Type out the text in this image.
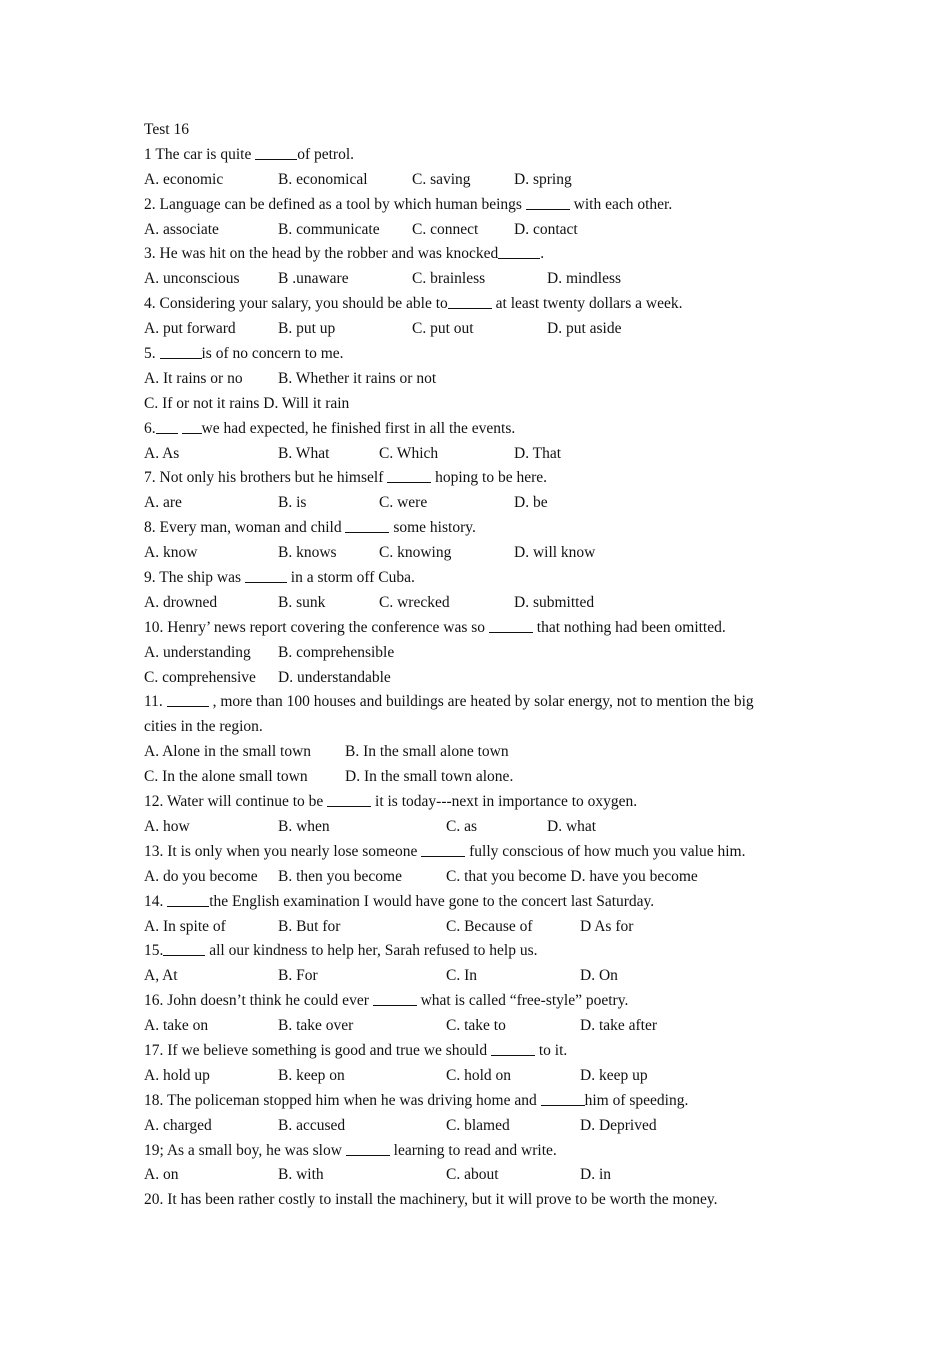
Test 16
1 The car is quite	of petrol.
A. economic	B. economical	C. saving	D. spring
2. Language can be defined as a tool by which human beings	with each other.
A. associate	B. communicate C. connect D. contact
3. He was hit on the head by the robber and was knocked	.
A. unconscious B .unaware	C. brainless	D. mindless
4. Considering your salary, you should be able to	at least twenty dollars a week.
A. put forward	B. put up	C. put out	D. put aside
5.	is of no concern to me.
A. It rains or no B. Whether it rains or not
C. If or not it rains D. Will it rain
6.	we had expected, he finished first in all the events.
A. As	B. What	C. Which	D. That
7. Not only his brothers but he himself	hoping to be here.
A. are	B. is	C. were	D. be
8. Every man, woman and child	some history.
A. know	B. knows	C. knowing	D. will know
9. The ship was	in a storm off Cuba.
A. drowned	B. sunk	C. wrecked	D. submitted
10. Henry’ news report covering the conference was so	that nothing had been omitted.
A. understanding B. comprehensible
C. comprehensive D. understandable
11.	, more than 100 houses and buildings are heated by solar energy, not to mention the big
cities in the region.
A. Alone in the small town B. In the small alone town
C. In the alone small town D. In the small town alone.
12. Water will continue to be	it is today---next in importance to oxygen.
A. how	B. when	C. as	D. what
13. It is only when you nearly lose someone	fully conscious of how much you value him.
A. do you become B. then you become	C. that you become D. have you become
14.	the English examination I would have gone to the concert last Saturday.
A. In spite of	B. But for	C. Because of	D As for
15.	all our kindness to help her, Sarah refused to help us.
A, At	B. For	C. In	D. On
16. John doesn’t think he could ever	what is called “free-style” poetry.
A. take on	B. take over	C. take to	D. take after
17. If we believe something is good and true we should	to it.
A. hold up	B. keep on	C. hold on	D. keep up
18. The policeman stopped him when he was driving home and	him of speeding.
A. charged	B. accused	C. blamed	D. Deprived
19; As a small boy, he was slow	learning to read and write.
A. on	B. with	C. about	D. in
20. It has been rather costly to install the machinery, but it will prove to be worth the money.
